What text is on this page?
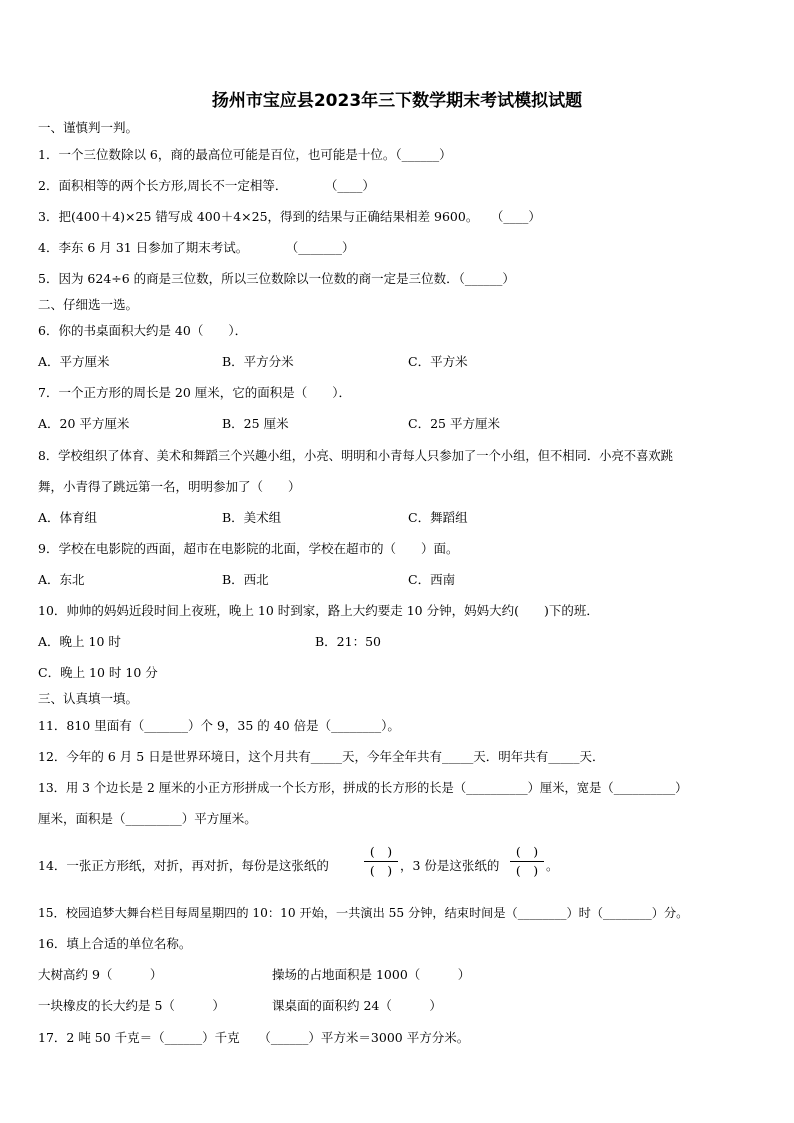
扬州市宝应县2023年三下数学期末考试模拟试题
一、谨慎判一判。
1．一个三位数除以 6，商的最高位可能是百位，也可能是十位。（______）
2．面积相等的两个长方形,周长不一定相等．　　　　（____）
3．把(400＋4)×25 错写成 400＋4×25，得到的结果与正确结果相差 9600。　　（____）
4．李东 6 月 31 日参加了期末考试。　　　　（_______）
5．因为 624÷6 的商是三位数，所以三位数除以一位数的商一定是三位数．（______）
二、仔细选一选。
6．你的书桌面积大约是 40（　　）．
A．平方厘米	B．平方分米	C．平方米
7．一个正方形的周长是 20 厘米，它的面积是（　　）．
A．20 平方厘米	B．25 厘米	C．25 平方厘米
8．学校组织了体育、美术和舞蹈三个兴趣小组，小亮、明明和小青每人只参加了一个小组，但不相同．小亮不喜欢跳
舞，小青得了跳远第一名，明明参加了（　　）
A．体育组	B．美术组	C．舞蹈组
9．学校在电影院的西面，超市在电影院的北面，学校在超市的（　　）面。
A．东北	B．西北	C．西南
10．帅帅的妈妈近段时间上夜班，晚上 10 时到家，路上大约要走 10 分钟，妈妈大约(　　)下的班．
A．晚上 10 时	B．21：50
C．晚上 10 时 10 分
三、认真填一填。
11．810 里面有（_______）个 9，35 的 40 倍是（________）。
12．今年的 6 月 5 日是世界环境日，这个月共有_____天，今年全年共有_____天．明年共有_____天．
13．用 3 个边长是 2 厘米的小正方形拼成一个长方形，拼成的长方形的长是（__________）厘米，宽是（__________）
厘米，面积是（_________）平方厘米。
14．一张正方形纸，对折，再对折，每份是这张纸的
(　)
(　) ，3 份是这张纸的
(　)
(　) 。
15．校园追梦大舞台栏目每周星期四的 10：10 开始，一共演出 55 分钟，结束时间是（________）时（________）分。
16．填上合适的单位名称。
大树高约 9（　　　）	操场的占地面积是 1000（　　　）
一块橡皮的长大约是 5（　　　）	课桌面的面积约 24（　　　）
17．2 吨 50 千克＝（______）千克　　（______）平方米＝3000 平方分米。
